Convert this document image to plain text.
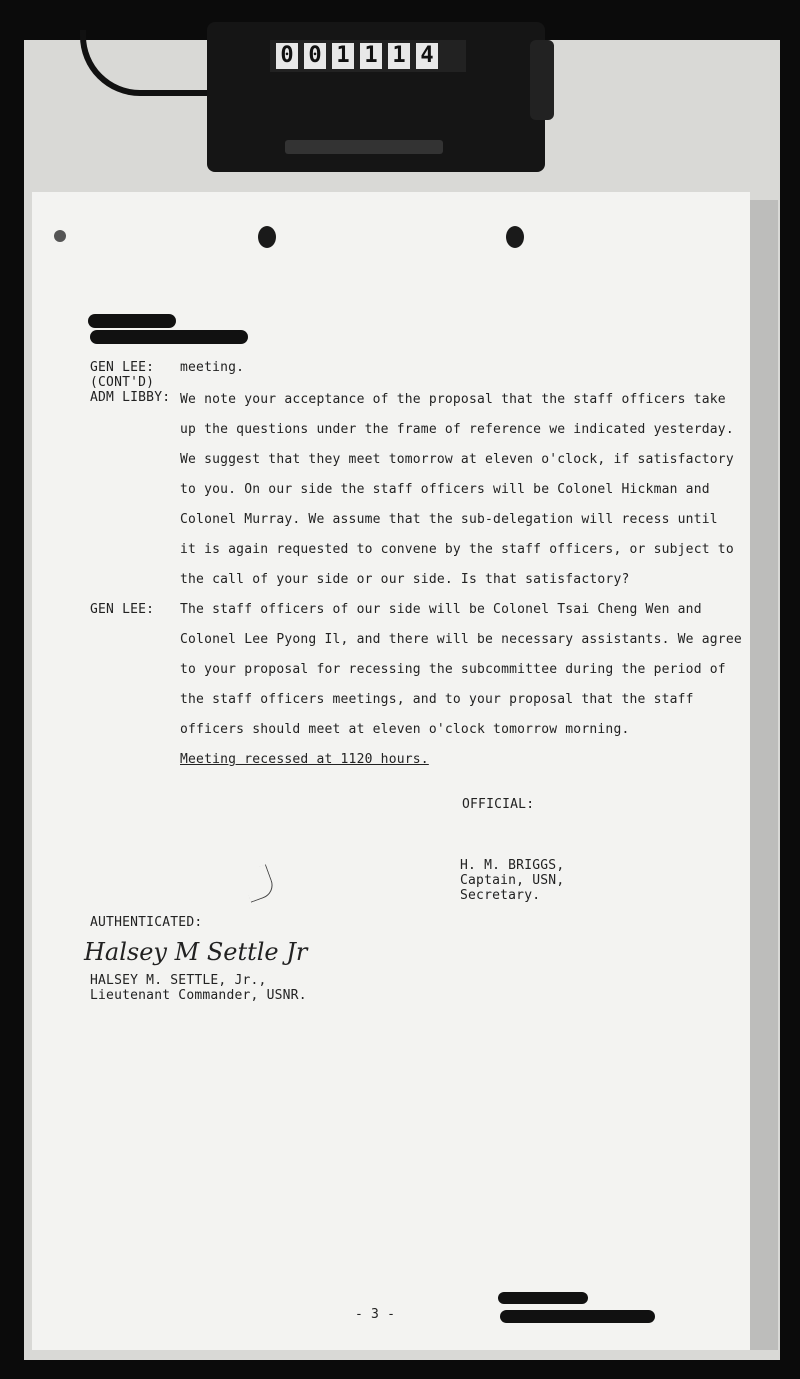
0 0 1 1 1 4
GEN LEE:
(CONT'D)
meeting.
ADM LIBBY: We note your acceptance of the proposal that the staff officers take
up the questions under the frame of reference we indicated yesterday.
We suggest that they meet tomorrow at eleven o'clock, if satisfactory
to you. On our side the staff officers will be Colonel Hickman and
Colonel Murray. We assume that the sub-delegation will recess until
it is again requested to convene by the staff officers, or subject to
the call of your side or our side. Is that satisfactory?
GEN LEE: The staff officers of our side will be Colonel Tsai Cheng Wen and
Colonel Lee Pyong Il, and there will be necessary assistants. We agree
to your proposal for recessing the subcommittee during the period of
the staff officers meetings, and to your proposal that the staff
officers should meet at eleven o'clock tomorrow morning.
Meeting recessed at 1120 hours.
OFFICIAL:
H. M. BRIGGS,
Captain, USN,
Secretary.
AUTHENTICATED:
Halsey M Settle Jr
HALSEY M. SETTLE, Jr.,
Lieutenant Commander, USNR.
- 3 -
